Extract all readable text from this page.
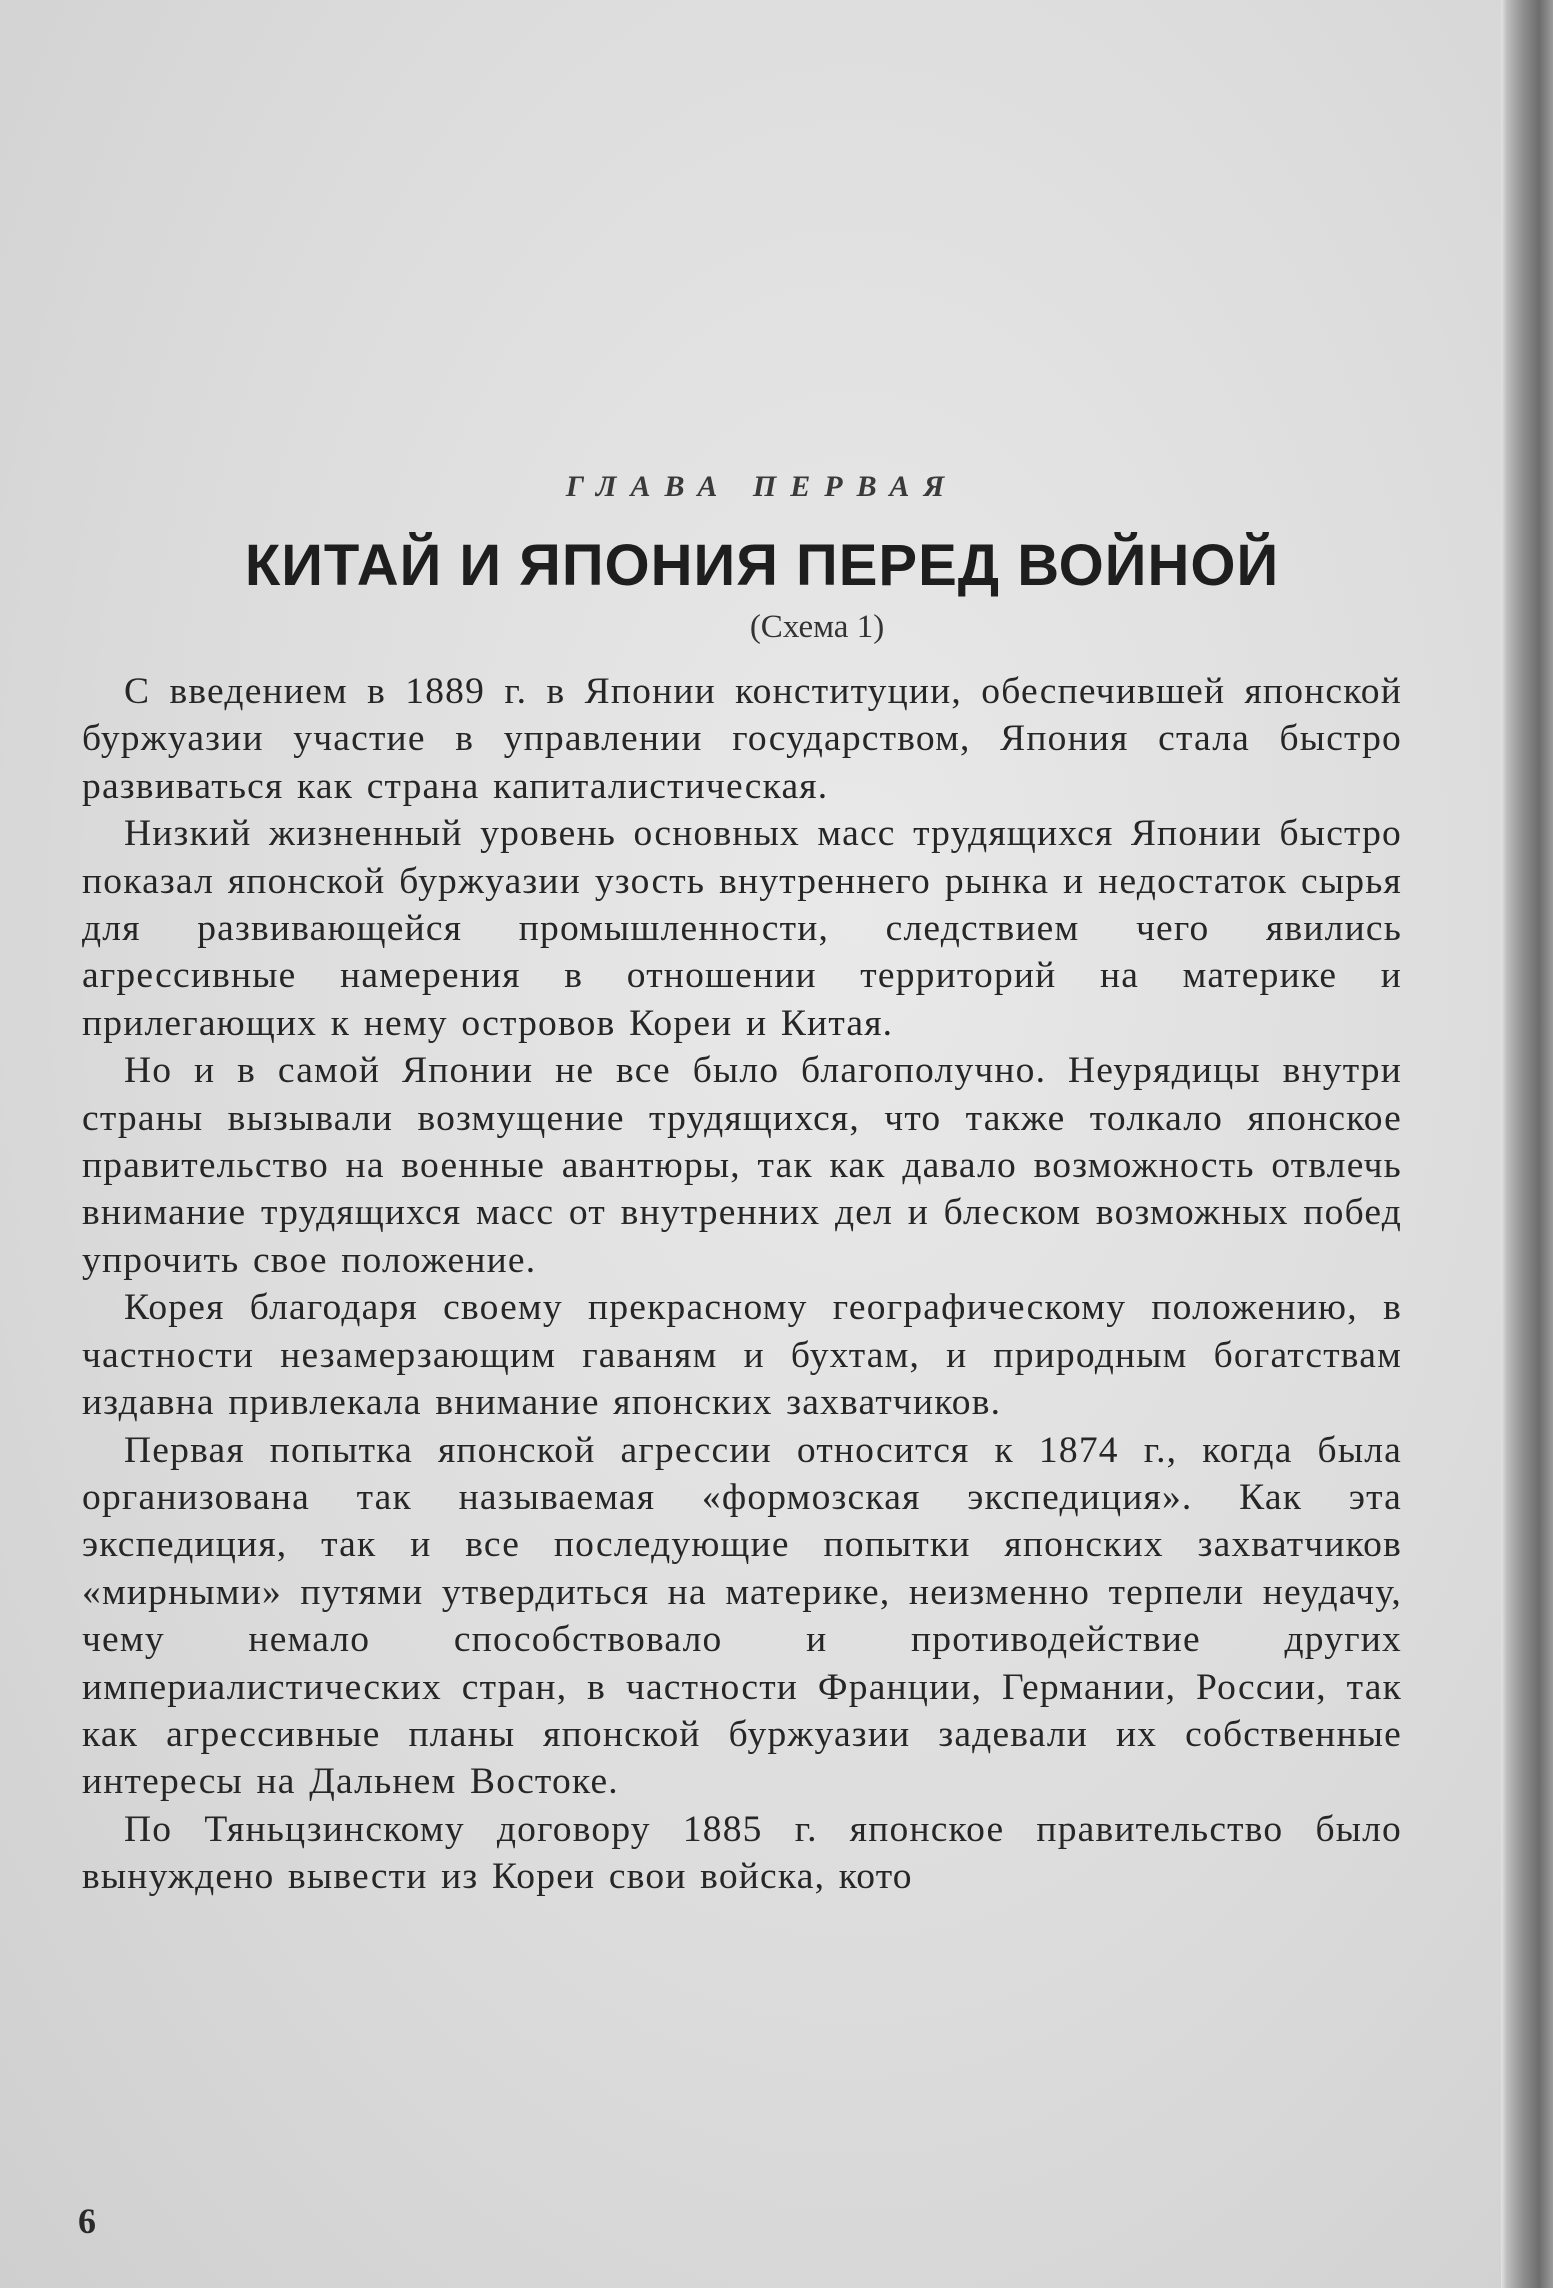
ГЛАВА ПЕРВАЯ
КИТАЙ И ЯПОНИЯ ПЕРЕД ВОЙНОЙ
(Схема 1)

С введением в 1889 г. в Японии конституции, обеспечившей японской буржуазии участие в управлении государством, Япония стала быстро развиваться как страна капиталистическая.

Низкий жизненный уровень основных масс трудящихся Японии быстро показал японской буржуазии узость внутреннего рынка и недостаток сырья для развивающейся промышленности, следствием чего явились агрессивные намерения в отношении территорий на материке и прилегающих к нему островов Кореи и Китая.

Но и в самой Японии не все было благополучно. Неурядицы внутри страны вызывали возмущение трудящихся, что также толкало японское правительство на военные авантюры, так как давало возможность отвлечь внимание трудящихся масс от внутренних дел и блеском возможных побед упрочить свое положение.

Корея благодаря своему прекрасному географическому положению, в частности незамерзающим гаваням и бухтам, и природным богатствам издавна привлекала внимание японских захватчиков.

Первая попытка японской агрессии относится к 1874 г., когда была организована так называемая «формозская экспедиция». Как эта экспедиция, так и все последующие попытки японских захватчиков «мирными» путями утвердиться на материке, неизменно терпели неудачу, чему немало способствовало и противодействие других империалистических стран, в частности Франции, Германии, России, так как агрессивные планы японской буржуазии задевали их собственные интересы на Дальнем Востоке.

По Тяньцзинскому договору 1885 г. японское правительство было вынуждено вывести из Кореи свои войска, кото

6
